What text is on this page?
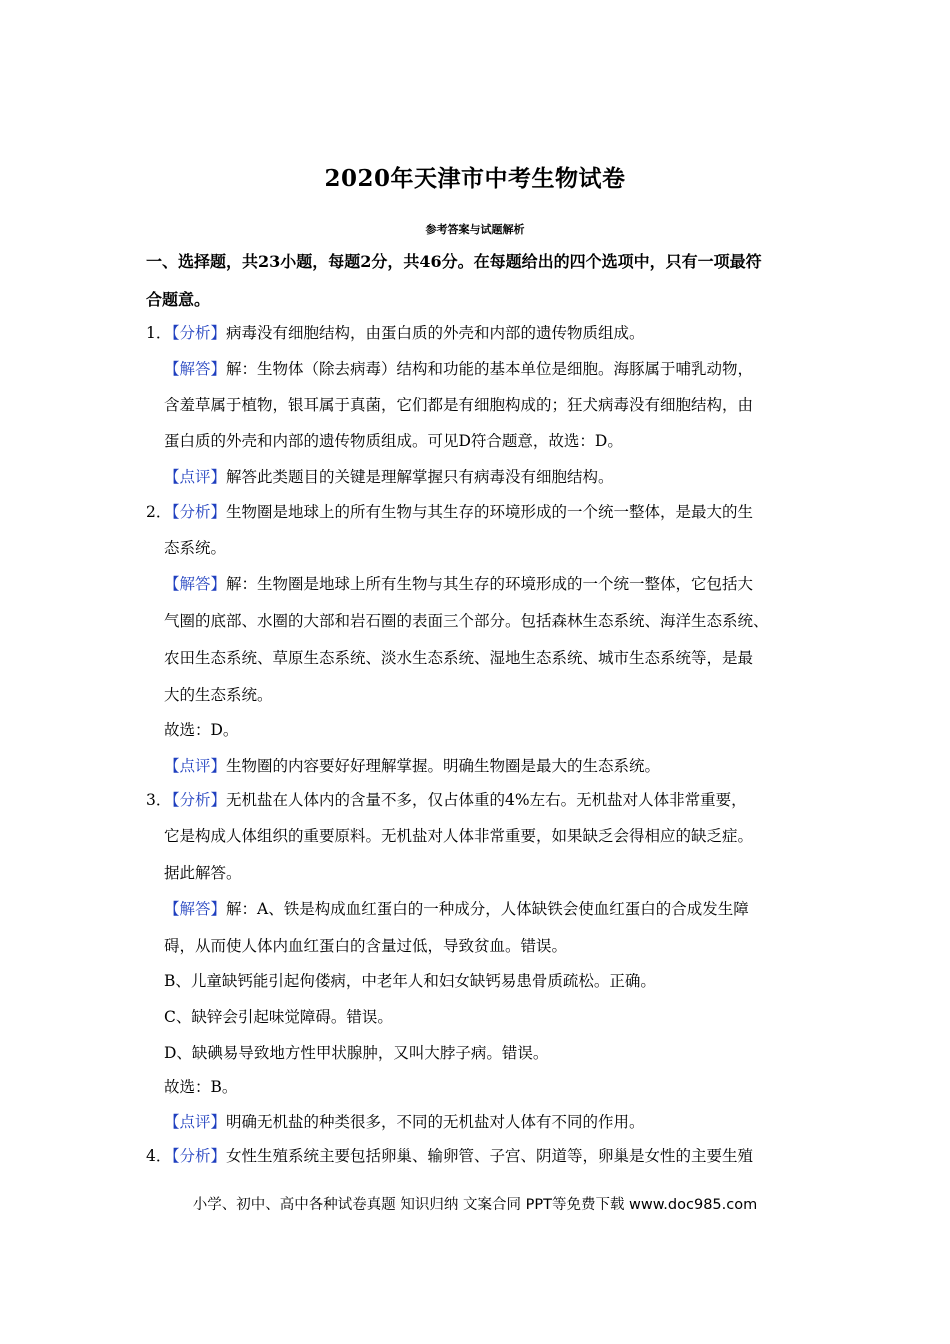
2020年天津市中考生物试卷
参考答案与试题解析
一、选择题，共23小题，每题2分，共46分。在每题给出的四个选项中，只有一项最符
合题意。
1．
【分析】病毒没有细胞结构，由蛋白质的外壳和内部的遗传物质组成。
【解答】解：生物体（除去病毒）结构和功能的基本单位是细胞。海豚属于哺乳动物，
含羞草属于植物，银耳属于真菌，它们都是有细胞构成的；狂犬病毒没有细胞结构，由
蛋白质的外壳和内部的遗传物质组成。可见D符合题意，故选：D。
【点评】解答此类题目的关键是理解掌握只有病毒没有细胞结构。
2．
【分析】生物圈是地球上的所有生物与其生存的环境形成的一个统一整体，是最大的生
态系统。
【解答】解：生物圈是地球上所有生物与其生存的环境形成的一个统一整体，它包括大
气圈的底部、水圈的大部和岩石圈的表面三个部分。包括森林生态系统、海洋生态系统、
农田生态系统、草原生态系统、淡水生态系统、湿地生态系统、城市生态系统等，是最
大的生态系统。
故选：D。
【点评】生物圈的内容要好好理解掌握。明确生物圈是最大的生态系统。
3．
【分析】无机盐在人体内的含量不多，仅占体重的4%左右。无机盐对人体非常重要，
它是构成人体组织的重要原料。无机盐对人体非常重要，如果缺乏会得相应的缺乏症。
据此解答。
【解答】解：A、铁是构成血红蛋白的一种成分，人体缺铁会使血红蛋白的合成发生障
碍，从而使人体内血红蛋白的含量过低，导致贫血。错误。
B、儿童缺钙能引起佝偻病，中老年人和妇女缺钙易患骨质疏松。正确。
C、缺锌会引起味觉障碍。错误。
D、缺碘易导致地方性甲状腺肿，又叫大脖子病。错误。
故选：B。
【点评】明确无机盐的种类很多，不同的无机盐对人体有不同的作用。
4．
【分析】女性生殖系统主要包括卵巢、输卵管、子宫、阴道等，卵巢是女性的主要生殖
小学、初中、高中各种试卷真题 知识归纳 文案合同 PPT等免费下载 www.doc985.com
